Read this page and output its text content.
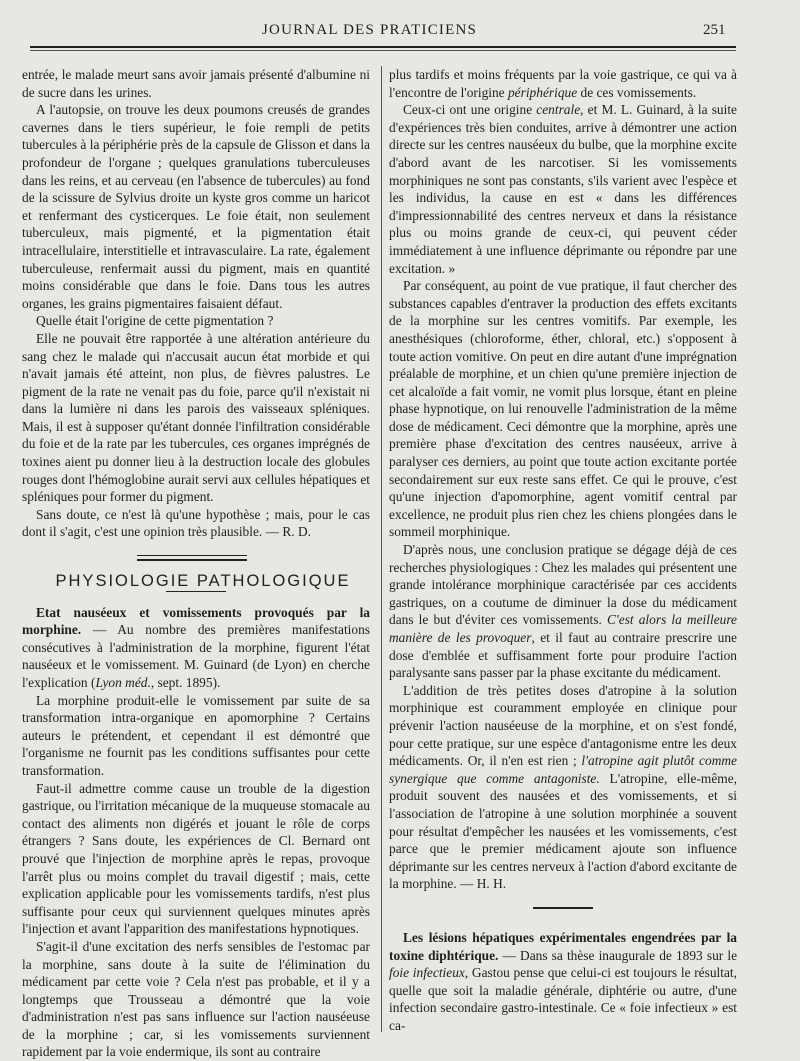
JOURNAL DES PRATICIENS	251

entrée, le malade meurt sans avoir jamais présenté d'albumine ni de sucre dans les urines.

A l'autopsie, on trouve les deux poumons creusés de grandes cavernes dans le tiers supérieur, le foie rempli de petits tubercules à la périphérie près de la capsule de Glisson et dans la profondeur de l'organe ; quelques granulations tuberculeuses dans les reins, et au cerveau (en l'absence de tubercules) au fond de la scissure de Sylvius droite un kyste gros comme un haricot et renfermant des cysticerques. Le foie était, non seulement tuberculeux, mais pigmenté, et la pigmentation était intracellulaire, interstitielle et intravasculaire. La rate, également tuberculeuse, renfermait aussi du pigment, mais en quantité moins considérable que dans le foie. Dans tous les autres organes, les grains pigmentaires faisaient défaut.

Quelle était l'origine de cette pigmentation ?

Elle ne pouvait être rapportée à une altération antérieure du sang chez le malade qui n'accusait aucun état morbide et qui n'avait jamais été atteint, non plus, de fièvres palustres. Le pigment de la rate ne venait pas du foie, parce qu'il n'existait ni dans la lumière ni dans les parois des vaisseaux spléniques. Mais, il est à supposer qu'étant donnée l'infiltration considérable du foie et de la rate par les tubercules, ces organes imprégnés de toxines aient pu donner lieu à la destruction locale des globules rouges dont l'hémoglobine aurait servi aux cellules hépatiques et spléniques pour former du pigment.

Sans doute, ce n'est là qu'une hypothèse ; mais, pour le cas dont il s'agit, c'est une opinion très plausible. — R. D.

PHYSIOLOGIE PATHOLOGIQUE

Etat nauséeux et vomissements provoqués par la morphine. — Au nombre des premières manifestations consécutives à l'administration de la morphine, figurent l'état nauséeux et le vomissement. M. Guinard (de Lyon) en cherche l'explication (Lyon méd., sept. 1895).

La morphine produit-elle le vomissement par suite de sa transformation intra-organique en apomorphine ? Certains auteurs le prétendent, et cependant il est démontré que l'organisme ne fournit pas les conditions suffisantes pour cette transformation.

Faut-il admettre comme cause un trouble de la digestion gastrique, ou l'irritation mécanique de la muqueuse stomacale au contact des aliments non digérés et jouant le rôle de corps étrangers ? Sans doute, les expériences de Cl. Bernard ont prouvé que l'injection de morphine après le repas, provoque l'arrêt plus ou moins complet du travail digestif ; mais, cette explication applicable pour les vomissements tardifs, n'est plus suffisante pour ceux qui surviennent quelques minutes après l'injection et avant l'apparition des manifestations hypnotiques.

S'agit-il d'une excitation des nerfs sensibles de l'estomac par la morphine, sans doute à la suite de l'élimination du médicament par cette voie ? Cela n'est pas probable, et il y a longtemps que Trousseau a démontré que la voie d'administration n'est pas sans influence sur l'action nauséeuse de la morphine ; car, si les vomissements surviennent rapidement par la voie endermique, ils sont au contraire

plus tardifs et moins fréquents par la voie gastrique, ce qui va à l'encontre de l'origine périphérique de ces vomissements.

Ceux-ci ont une origine centrale, et M. L. Guinard, à la suite d'expériences très bien conduites, arrive à démontrer une action directe sur les centres nauséeux du bulbe, que la morphine excite d'abord avant de les narcotiser. Si les vomissements morphiniques ne sont pas constants, s'ils varient avec l'espèce et les individus, la cause en est « dans les différences d'impressionnabilité des centres nerveux et dans la résistance plus ou moins grande de ceux-ci, qui peuvent céder immédiatement à une influence déprimante ou répondre par une excitation. »

Par conséquent, au point de vue pratique, il faut chercher des substances capables d'entraver la production des effets excitants de la morphine sur les centres vomitifs. Par exemple, les anesthésiques (chloroforme, éther, chloral, etc.) s'opposent à toute action vomitive. On peut en dire autant d'une imprégnation préalable de morphine, et un chien qu'une première injection de cet alcaloïde a fait vomir, ne vomit plus lorsque, étant en pleine phase hypnotique, on lui renouvelle l'administration de la même dose de médicament. Ceci démontre que la morphine, après une première phase d'excitation des centres nauséeux, arrive à paralyser ces derniers, au point que toute action excitante portée secondairement sur eux reste sans effet. Ce qui le prouve, c'est qu'une injection d'apomorphine, agent vomitif central par excellence, ne produit plus rien chez les chiens plongées dans le sommeil morphinique.

D'après nous, une conclusion pratique se dégage déjà de ces recherches physiologiques : Chez les malades qui présentent une grande intolérance morphinique caractérisée par ces accidents gastriques, on a coutume de diminuer la dose du médicament dans le but d'éviter ces vomissements. C'est alors la meilleure manière de les provoquer, et il faut au contraire prescrire une dose d'emblée et suffisamment forte pour produire l'action paralysante sans passer par la phase excitante du médicament.

L'addition de très petites doses d'atropine à la solution morphinique est couramment employée en clinique pour prévenir l'action nauséeuse de la morphine, et on s'est fondé, pour cette pratique, sur une espèce d'antagonisme entre les deux médicaments. Or, il n'en est rien ; l'atropine agit plutôt comme synergique que comme antagoniste. L'atropine, elle-même, produit souvent des nausées et des vomissements, et si l'association de l'atropine à une solution morphinée a souvent pour résultat d'empêcher les nausées et les vomissements, c'est parce que le premier médicament ajoute son influence déprimante sur les centres nerveux à l'action d'abord excitante de la morphine. — H. H.

Les lésions hépatiques expérimentales engendrées par la toxine diphtérique. — Dans sa thèse inaugurale de 1893 sur le foie infectieux, Gastou pense que celui-ci est toujours le résultat, quelle que soit la maladie générale, diphtérie ou autre, d'une infection secondaire gastro-intestinale. Ce « foie infectieux » est ca-
